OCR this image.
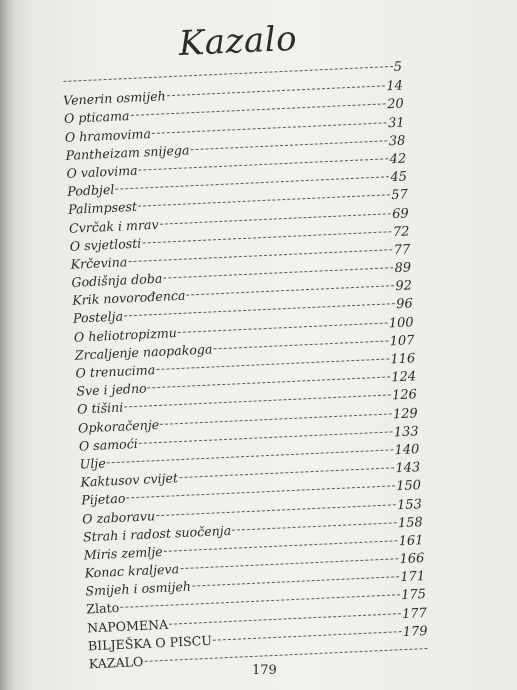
Kazalo
5
Venerin osmijeh
14
O pticama
20
O hramovima
31
Pantheizam snijega
38
O valovima
42
Podbjel
45
Palimpsest
57
Cvrčak i mrav
69
O svjetlosti
72
Krčevina
77
Godišnja doba
89
Krik novorođenca
92
Postelja
96
O heliotropizmu
100
Zrcaljenje naopakoga
107
O trenucima
116
Sve i jedno
124
O tišini
126
Opkoračenje
129
O samoći
133
Ulje
140
Kaktusov cvijet
143
Pijetao
150
O zaboravu
153
Strah i radost suočenja	158
Miris zemlje
161
Konac kraljeva
166
Smijeh i osmijeh
171
Zlato
175
NAPOMENA
177
BILJEŠKA O PISCU
179
KAZALO	179
